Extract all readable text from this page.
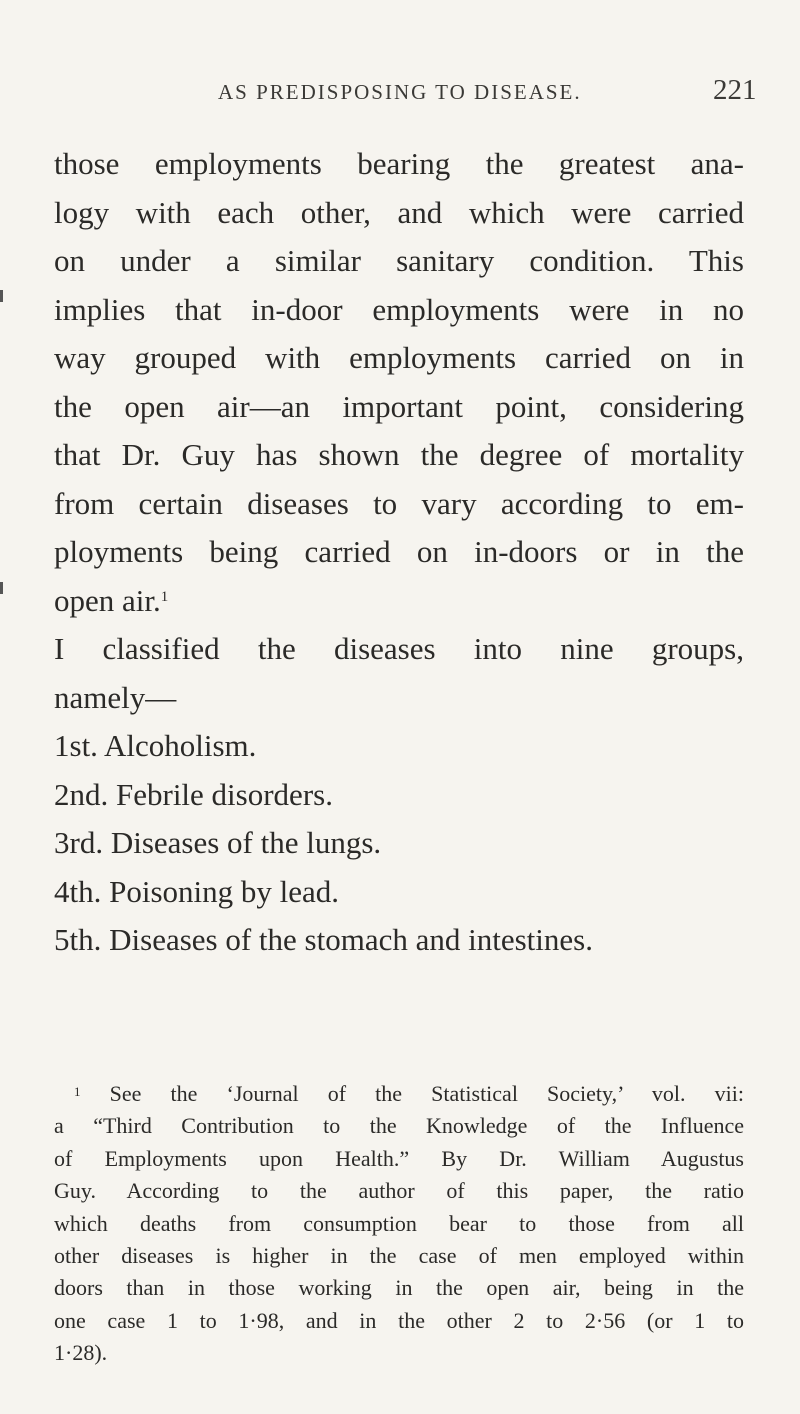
AS PREDISPOSING TO DISEASE.	221
those employments bearing the greatest ana-
logy with each other, and which were carried
on under a similar sanitary condition. This
implies that in-door employments were in no
way grouped with employments carried on in
the open air—an important point, considering
that Dr. Guy has shown the degree of mortality
from certain diseases to vary according to em-
ployments being carried on in-doors or in the
open air.$^1$
I classified the diseases into nine groups,
namely—
1st. Alcoholism.
2nd. Febrile disorders.
3rd. Diseases of the lungs.
4th. Poisoning by lead.
5th. Diseases of the stomach and intestines.
$^1$ See the ‘Journal of the Statistical Society,’ vol. vii:
a “Third Contribution to the Knowledge of the Influence
of Employments upon Health.” By Dr. William Augustus
Guy. According to the author of this paper, the ratio
which deaths from consumption bear to those from all
other diseases is higher in the case of men employed within
doors than in those working in the open air, being in the
one case 1 to 1·98, and in the other 2 to 2·56 (or 1 to
1·28).
